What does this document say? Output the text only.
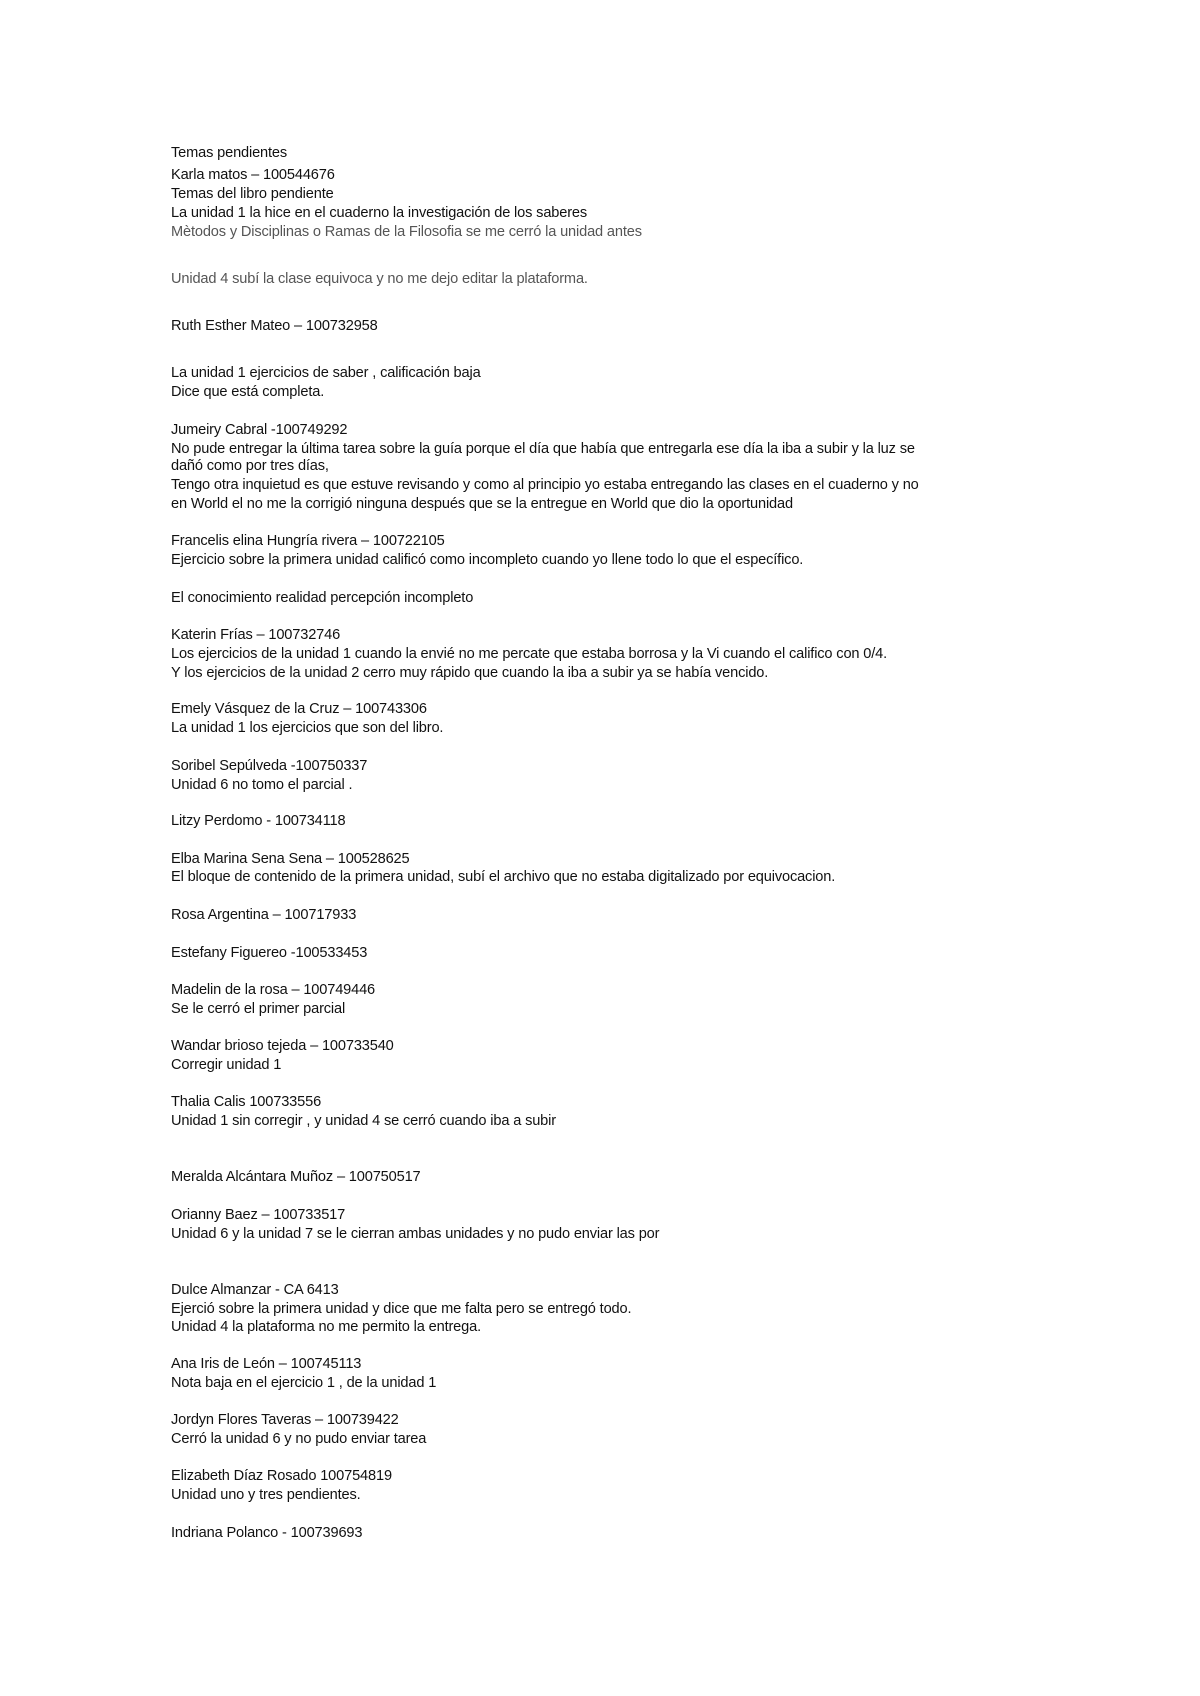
Temas pendientes
Karla matos – 100544676
Temas del libro pendiente
La unidad 1 la hice en el cuaderno la investigación de los saberes
Mètodos y Disciplinas o Ramas de la Filosofia se me cerró la unidad antes
Unidad 4 subí la clase equivoca y no me dejo editar la plataforma.
Ruth Esther Mateo – 100732958
La unidad 1 ejercicios de saber , calificación baja
Dice que está completa.
Jumeiry Cabral -100749292
No pude entregar la última tarea sobre la guía porque el día que había que entregarla ese día la iba a subir y la luz se
dañó como por tres días,
Tengo otra inquietud es que estuve revisando y como al principio yo estaba entregando las clases en el cuaderno y no
en World el no me la corrigió ninguna después que se la entregue en World que dio la oportunidad
Francelis elina Hungría rivera – 100722105
Ejercicio sobre la primera unidad calificó como incompleto cuando yo llene todo lo que el específico.
El conocimiento realidad percepción incompleto
Katerin Frías – 100732746
Los ejercicios de la unidad 1 cuando la envié no me percate que estaba borrosa y la Vi cuando el califico con 0/4.
Y los ejercicios de la unidad 2 cerro muy rápido que cuando la iba a subir ya se había vencido.
Emely Vásquez de la Cruz – 100743306
La unidad 1 los ejercicios que son del libro.
Soribel Sepúlveda -100750337
Unidad 6 no tomo el parcial .
Litzy Perdomo - 100734118
Elba Marina Sena Sena – 100528625
El bloque de contenido de la primera unidad, subí el archivo que no estaba digitalizado por equivocacion.
Rosa Argentina – 100717933
Estefany Figuereo -100533453
Madelin de la rosa – 100749446
Se le cerró el primer parcial
Wandar brioso tejeda – 100733540
Corregir unidad 1
Thalia Calis 100733556
Unidad 1 sin corregir , y unidad 4 se cerró cuando iba a subir
Meralda Alcántara Muñoz – 100750517
Orianny Baez – 100733517
Unidad 6 y la unidad 7 se le cierran ambas unidades y no pudo enviar las por
Dulce Almanzar - CA 6413
Ejerció sobre la primera unidad y dice que me falta pero se entregó todo.
Unidad 4 la plataforma no me permito la entrega.
Ana Iris de León – 100745113
Nota baja en el ejercicio 1 , de la unidad 1
Jordyn Flores Taveras – 100739422
Cerró la unidad 6 y no pudo enviar tarea
Elizabeth Díaz Rosado 100754819
Unidad uno y tres pendientes.
Indriana Polanco - 100739693
